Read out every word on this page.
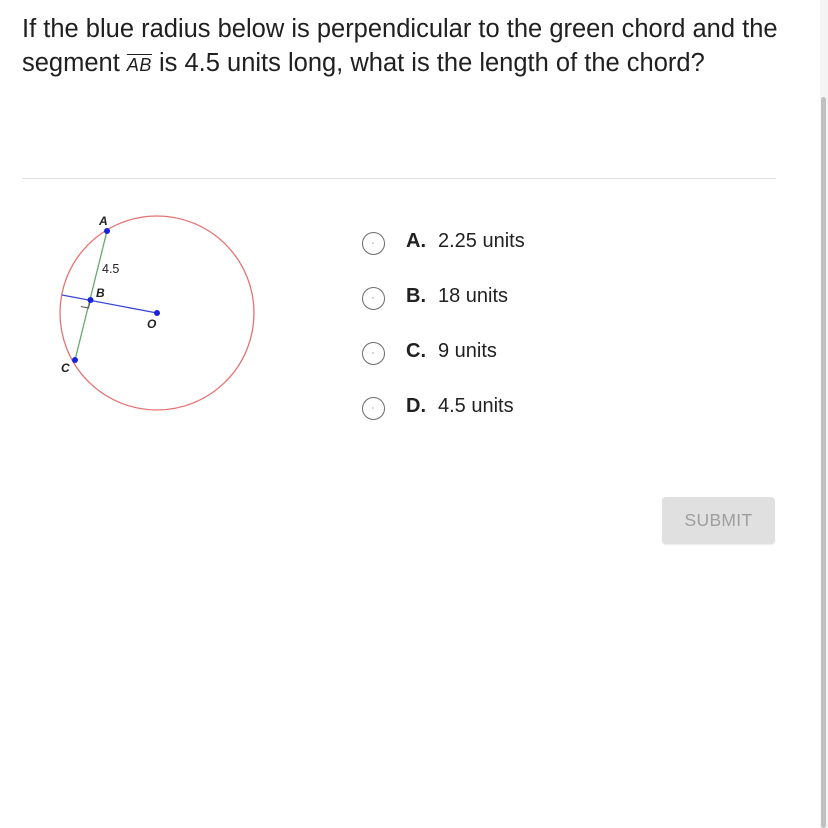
If the blue radius below is perpendicular to the green chord and the segment $\overline{AB}$ is 4.5 units long, what is the length of the chord?

A
B
C
O
4.5
A. 2.25 units
B. 18 units
C. 9 units
D. 4.5 units
SUBMIT
